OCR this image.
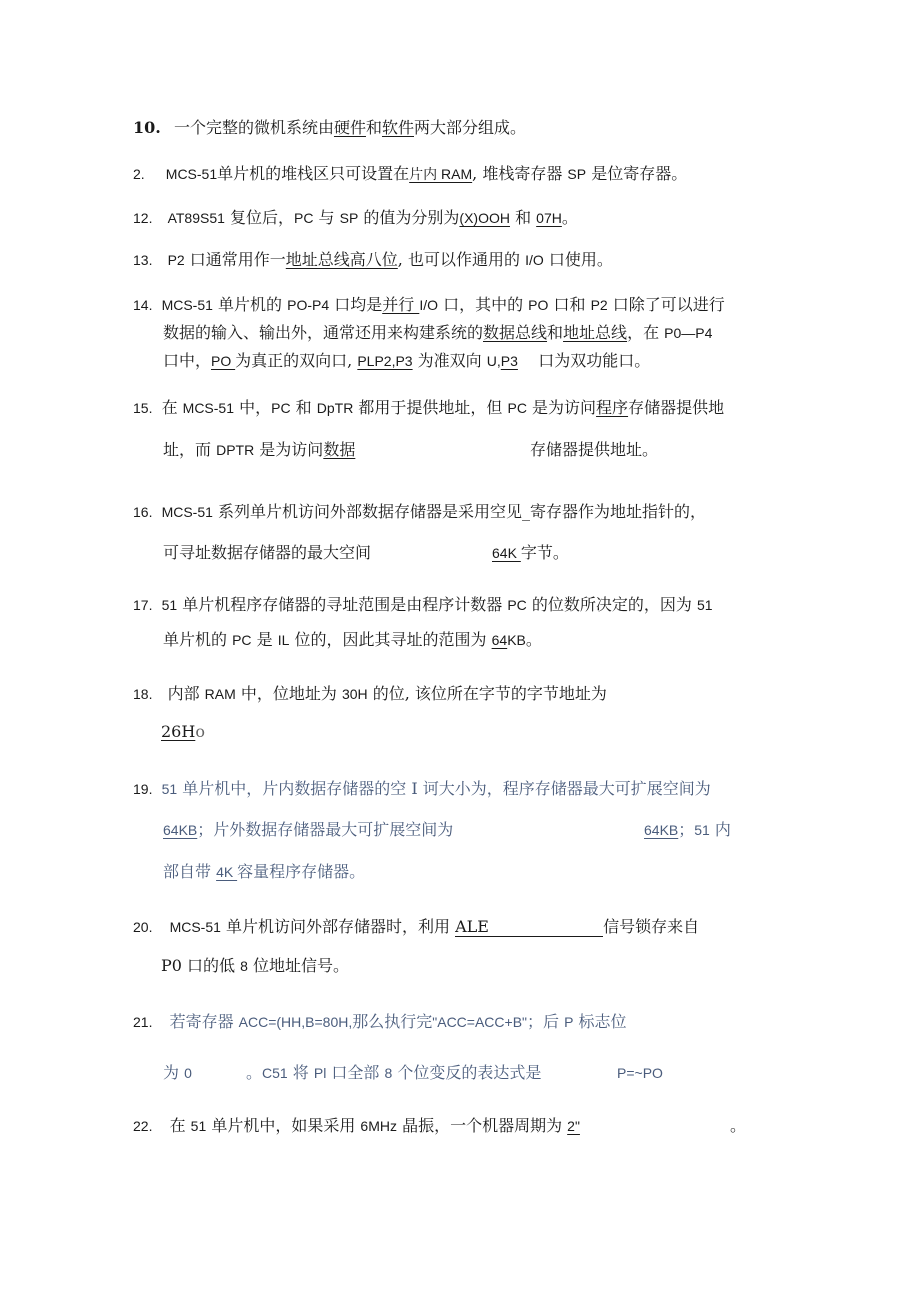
10. 一个完整的微机系统由硬件和软件两大部分组成。
2. MCS-51单片机的堆栈区只可设置在片内 RAM, 堆栈寄存器 SP 是位寄存器。
12. AT89S51 复位后，PC 与 SP 的值为分别为(X)OOH 和 07H。
13. P2 口通常用作一地址总线高八位, 也可以作通用的 I/O 口使用。
14. MCS-51 单片机的 PO-P4 口均是并行 I/O 口，其中的 PO 口和 P2 口除了可以进行
数据的输入、输出外，通常还用来构建系统的数据总线和地址总线，在 P0—P4
口中，PO 为真正的双向口, PLP2,P3 为准双向 U,P3    口为双功能口。
15. 在 MCS-51 中，PC 和 DpTR 都用于提供地址，但 PC 是为访问程序存储器提供地
址，而 DPTR 是为访问数据	存储器提供地址。
16. MCS-51 系列单片机访问外部数据存储器是采用空见_寄存器作为地址指针的，
可寻址数据存储器的最大空间	64K 字节。
17. 51 单片机程序存储器的寻址范围是由程序计数器 PC 的位数所决定的，因为 51
单片机的 PC 是 IL 位的，因此其寻址的范围为 64KB。
18. 内部 RAM 中，位地址为 30H 的位, 该位所在字节的字节地址为
26Ho
19. 51 单片机中，片内数据存储器的空 I 诃大小为，程序存储器最大可扩展空间为
64KB；片外数据存储器最大可扩展空间为	64KB；51 内
部自带 4K 容量程序存储器。
20. MCS-51 单片机访问外部存储器时，利用 ALE	信号锁存来自
P0 口的低 8 位地址信号。
21. 若寄存器 ACC=(HH,B=80H,那么执行完"ACC=ACC+B"；后 P 标志位
为 0	。C51 将 Pl 口全部 8 个位变反的表达式是	P=~PO
22. 在 51 单片机中，如果采用 6MHz 晶振，一个机器周期为 2"	。
